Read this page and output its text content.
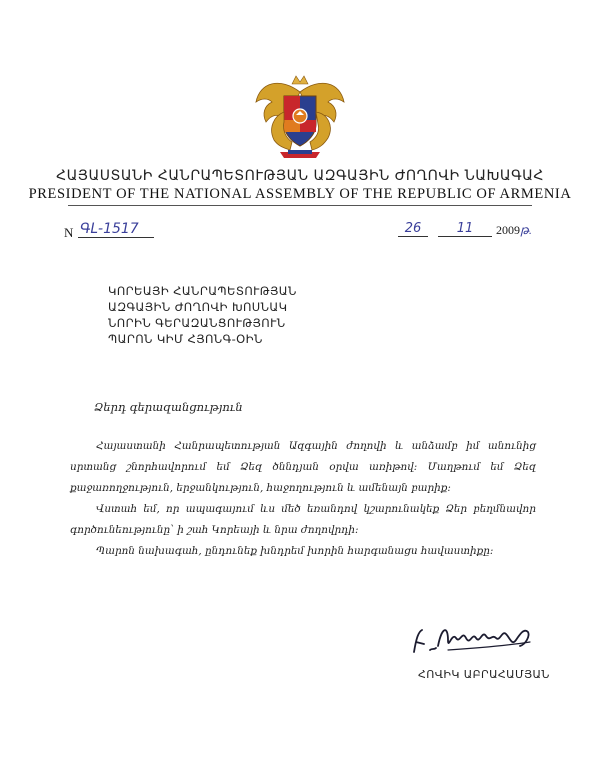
ՀԱՅԱՍՏԱՆԻ ՀԱՆՐԱՊԵՏՈՒԹՅԱՆ ԱԶԳԱՅԻՆ ԺՈՂՈՎԻ ՆԱԽԱԳԱՀ
PRESIDENT OF THE NATIONAL ASSEMBLY OF THE REPUBLIC OF ARMENIA
N ԳԼ-1517	26	11	2009թ.
ԿՈՐԵԱՅԻ ՀԱՆՐԱՊԵՏՈՒԹՅԱՆ
ԱԶԳԱՅԻՆ ԺՈՂՈՎԻ ԽՈՍՆԱԿ
ՆՈՐԻՆ ԳԵՐԱԶԱՆՑՈՒԹՅՈՒՆ
ՊԱՐՈՆ ԿԻՄ ՀՅՈՆԳ-ՕԻՆ
Ձերդ գերազանցություն
Հայաստանի Հանրապետության Ազգային ժողովի և անձամբ իմ անունից սրտանց շնորհավորում եմ Ձեզ ծննդյան օրվա առիթով: Մաղթում եմ Ձեզ քաջառողջություն, երջանկություն, հաջողություն և ամենայն բարիք:
Վստահ եմ, որ ապագայում ևս մեծ եռանդով կշարունակեք Ձեր բեղմնավոր գործունեությունը՝ ի շահ Կորեայի և նրա ժողովրդի:
Պարոն նախագահ, ընդունեք խնդրեմ խորին հարգանացս հավաստիքը:
ՀՈՎԻԿ ԱԲՐԱՀԱՄՅԱՆ
